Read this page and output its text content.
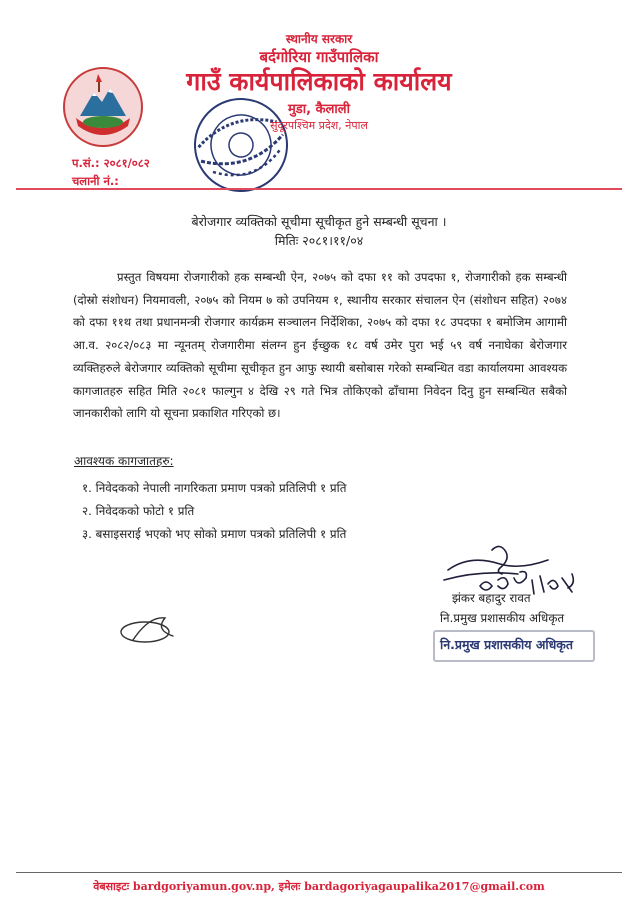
स्थानीय सरकार
बर्दगोरिया गाउँपालिका
गाउँ कार्यपालिकाको कार्यालय
मुडा, कैलाली
सुदूरपश्चिम प्रदेश, नेपाल
प.सं.: २०८१/०८२
चलानी नं.:
बेरोजगार व्यक्तिको सूचीमा सूचीकृत हुने सम्बन्धी सूचना ।
मितिः २०८१।११/०४

प्रस्तुत विषयमा रोजगारीको हक सम्बन्धी ऐन, २०७५ को दफा ११ को उपदफा १, रोजगारीको हक सम्बन्धी (दोस्रो संशोधन) नियमावली, २०७५ को नियम ७ को उपनियम १, स्थानीय सरकार संचालन ऐन (संशोधन सहित) २०७४ को दफा ११थ तथा प्रधानमन्त्री रोजगार कार्यक्रम सञ्चालन निर्देशिका, २०७५ को दफा १८ उपदफा १ बमोजिम आगामी आ.व. २०८२/०८३ मा न्यूनतम् रोजगारीमा संलग्न हुन ईच्छुक १८ वर्ष उमेर पुरा भई ५९ वर्ष ननाघेका बेरोजगार व्यक्तिहरुले बेरोजगार व्यक्तिको सूचीमा सूचीकृत हुन आफु स्थायी बसोबास गरेको सम्बन्धित वडा कार्यालयमा आवश्यक कागजातहरु सहित मिति २०८१ फाल्गुन ४ देखि २९ गते भित्र तोकिएको ढाँचामा निवेदन दिनु हुन सम्बन्धित सबैको जानकारीको लागि यो सूचना प्रकाशित गरिएको छ।

आवश्यक कागजातहरु:
१. निवेदकको नेपाली नागरिकता प्रमाण पत्रको प्रतिलिपी १ प्रति
२. निवेदकको फोटो १ प्रति
३. बसाइसराई भएको भए सोको प्रमाण पत्रको प्रतिलिपी १ प्रति
झंकर बहादुर रावत
नि.प्रमुख प्रशासकीय अधिकृत
नि.प्रमुख प्रशासकीय अधिकृत
वेबसाइटः bardgoriyamun.gov.np, इमेलः bardagoriyagaupalika2017@gmail.com
